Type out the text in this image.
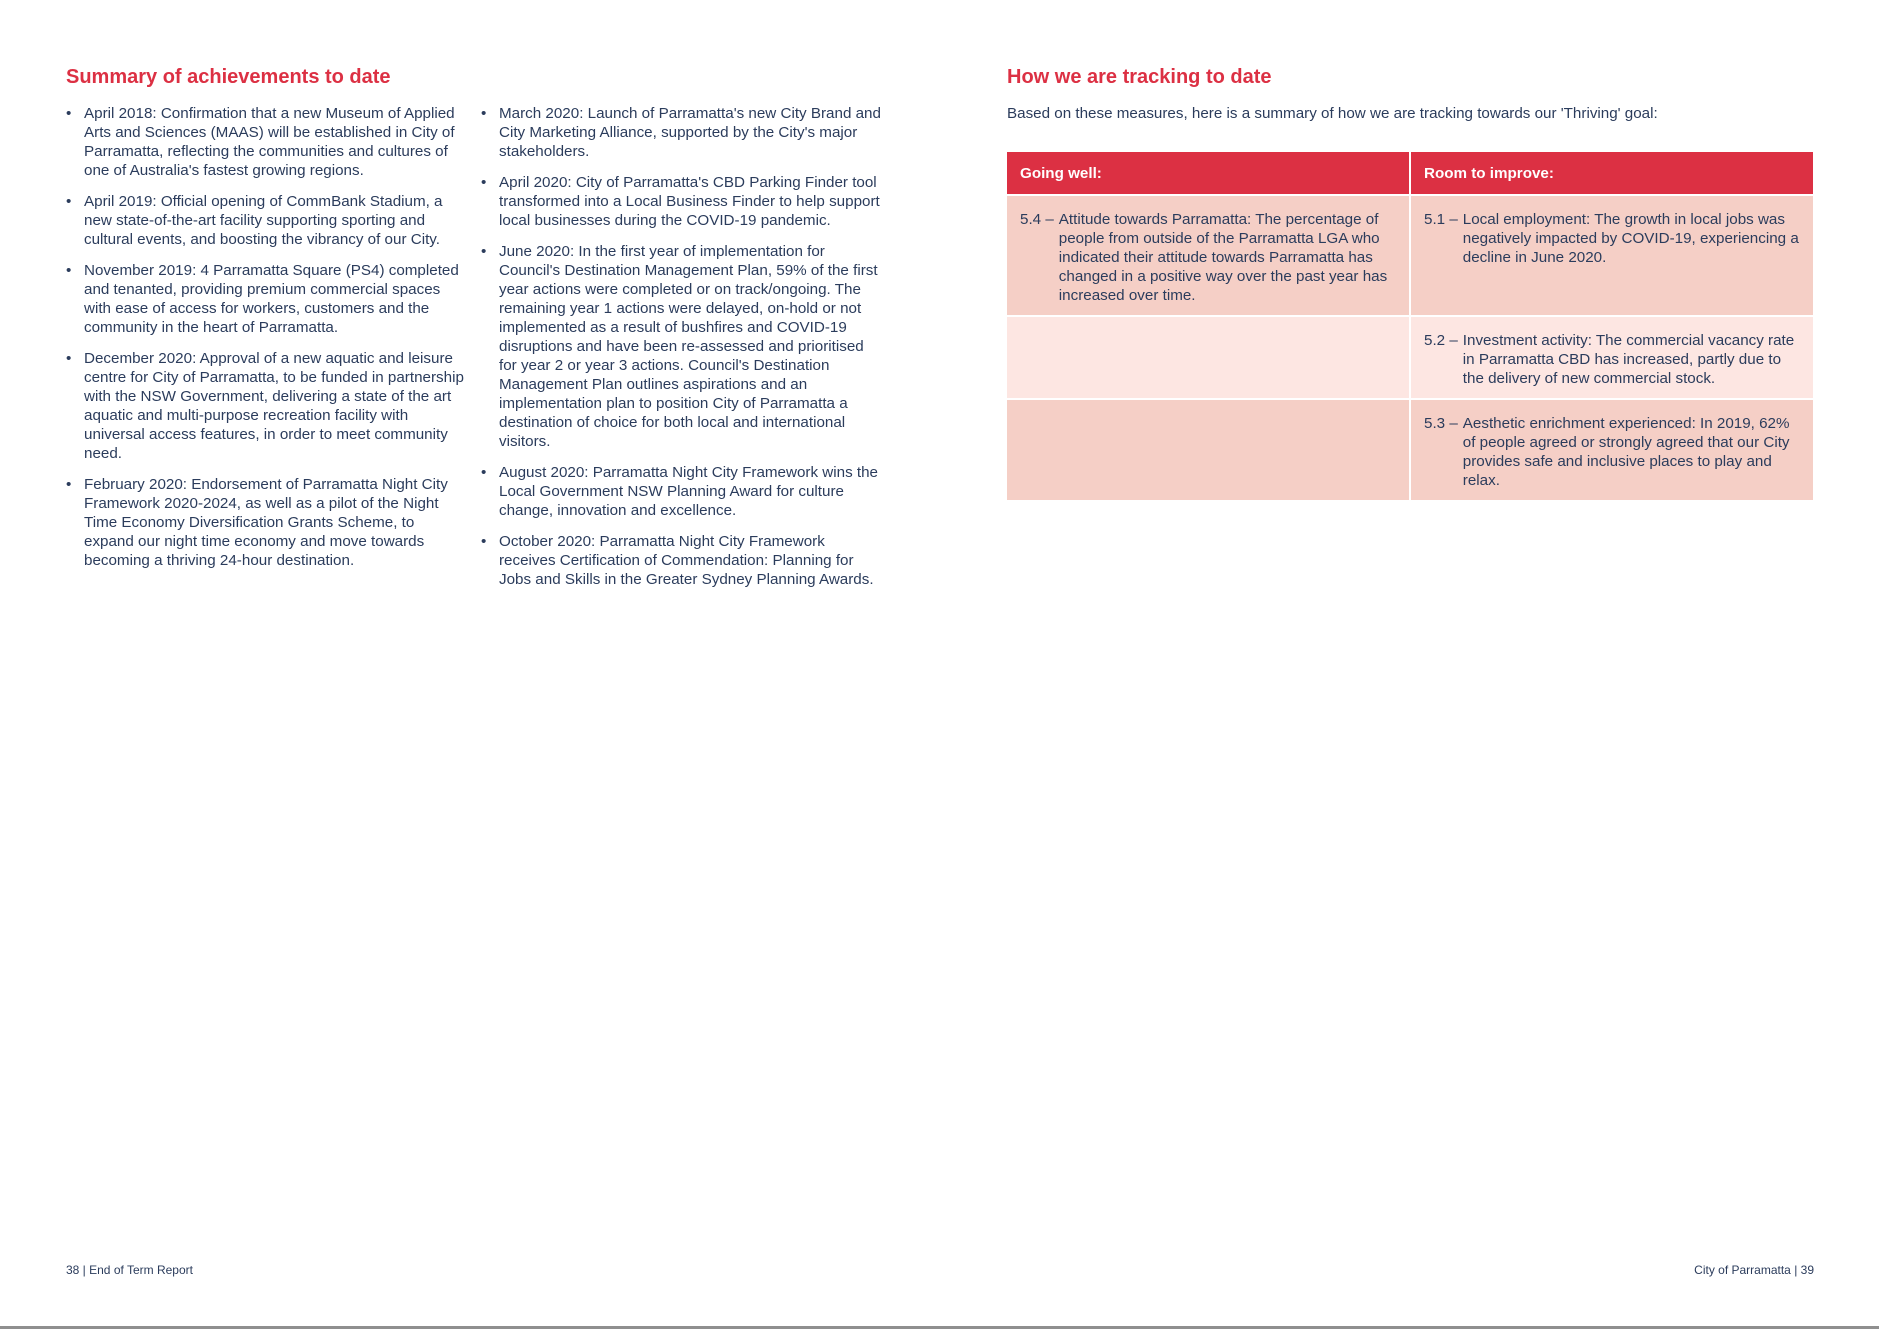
Summary of achievements to date
• April 2018: Confirmation that a new Museum of Applied Arts and Sciences (MAAS) will be established in City of Parramatta, reflecting the communities and cultures of one of Australia's fastest growing regions.
• April 2019: Official opening of CommBank Stadium, a new state-of-the-art facility supporting sporting and cultural events, and boosting the vibrancy of our City.
• November 2019: 4 Parramatta Square (PS4) completed and tenanted, providing premium commercial spaces with ease of access for workers, customers and the community in the heart of Parramatta.
• December 2020: Approval of a new aquatic and leisure centre for City of Parramatta, to be funded in partnership with the NSW Government, delivering a state of the art aquatic and multi-purpose recreation facility with universal access features, in order to meet community need.
• February 2020: Endorsement of Parramatta Night City Framework 2020-2024, as well as a pilot of the Night Time Economy Diversification Grants Scheme, to expand our night time economy and move towards becoming a thriving 24-hour destination.
• March 2020: Launch of Parramatta's new City Brand and City Marketing Alliance, supported by the City's major stakeholders.
• April 2020: City of Parramatta's CBD Parking Finder tool transformed into a Local Business Finder to help support local businesses during the COVID-19 pandemic.
• June 2020: In the first year of implementation for Council's Destination Management Plan, 59% of the first year actions were completed or on track/ongoing. The remaining year 1 actions were delayed, on-hold or not implemented as a result of bushfires and COVID-19 disruptions and have been re-assessed and prioritised for year 2 or year 3 actions. Council's Destination Management Plan outlines aspirations and an implementation plan to position City of Parramatta a destination of choice for both local and international visitors.
• August 2020: Parramatta Night City Framework wins the Local Government NSW Planning Award for culture change, innovation and excellence.
• October 2020: Parramatta Night City Framework receives Certification of Commendation: Planning for Jobs and Skills in the Greater Sydney Planning Awards.
38 | End of Term Report
How we are tracking to date

Based on these measures, here is a summary of how we are tracking towards our 'Thriving' goal:

Going well:	Room to improve:

5.4 – Attitude towards Parramatta: The percentage of people from outside of the Parramatta LGA who indicated their attitude towards Parramatta has changed in a positive way over the past year has increased over time.	5.1 – Local employment: The growth in local jobs was negatively impacted by COVID-19, experiencing a decline in June 2020.

	5.2 – Investment activity: The commercial vacancy rate in Parramatta CBD has increased, partly due to the delivery of new commercial stock.

	5.3 – Aesthetic enrichment experienced: In 2019, 62% of people agreed or strongly agreed that our City provides safe and inclusive places to play and relax.
City of Parramatta | 39
